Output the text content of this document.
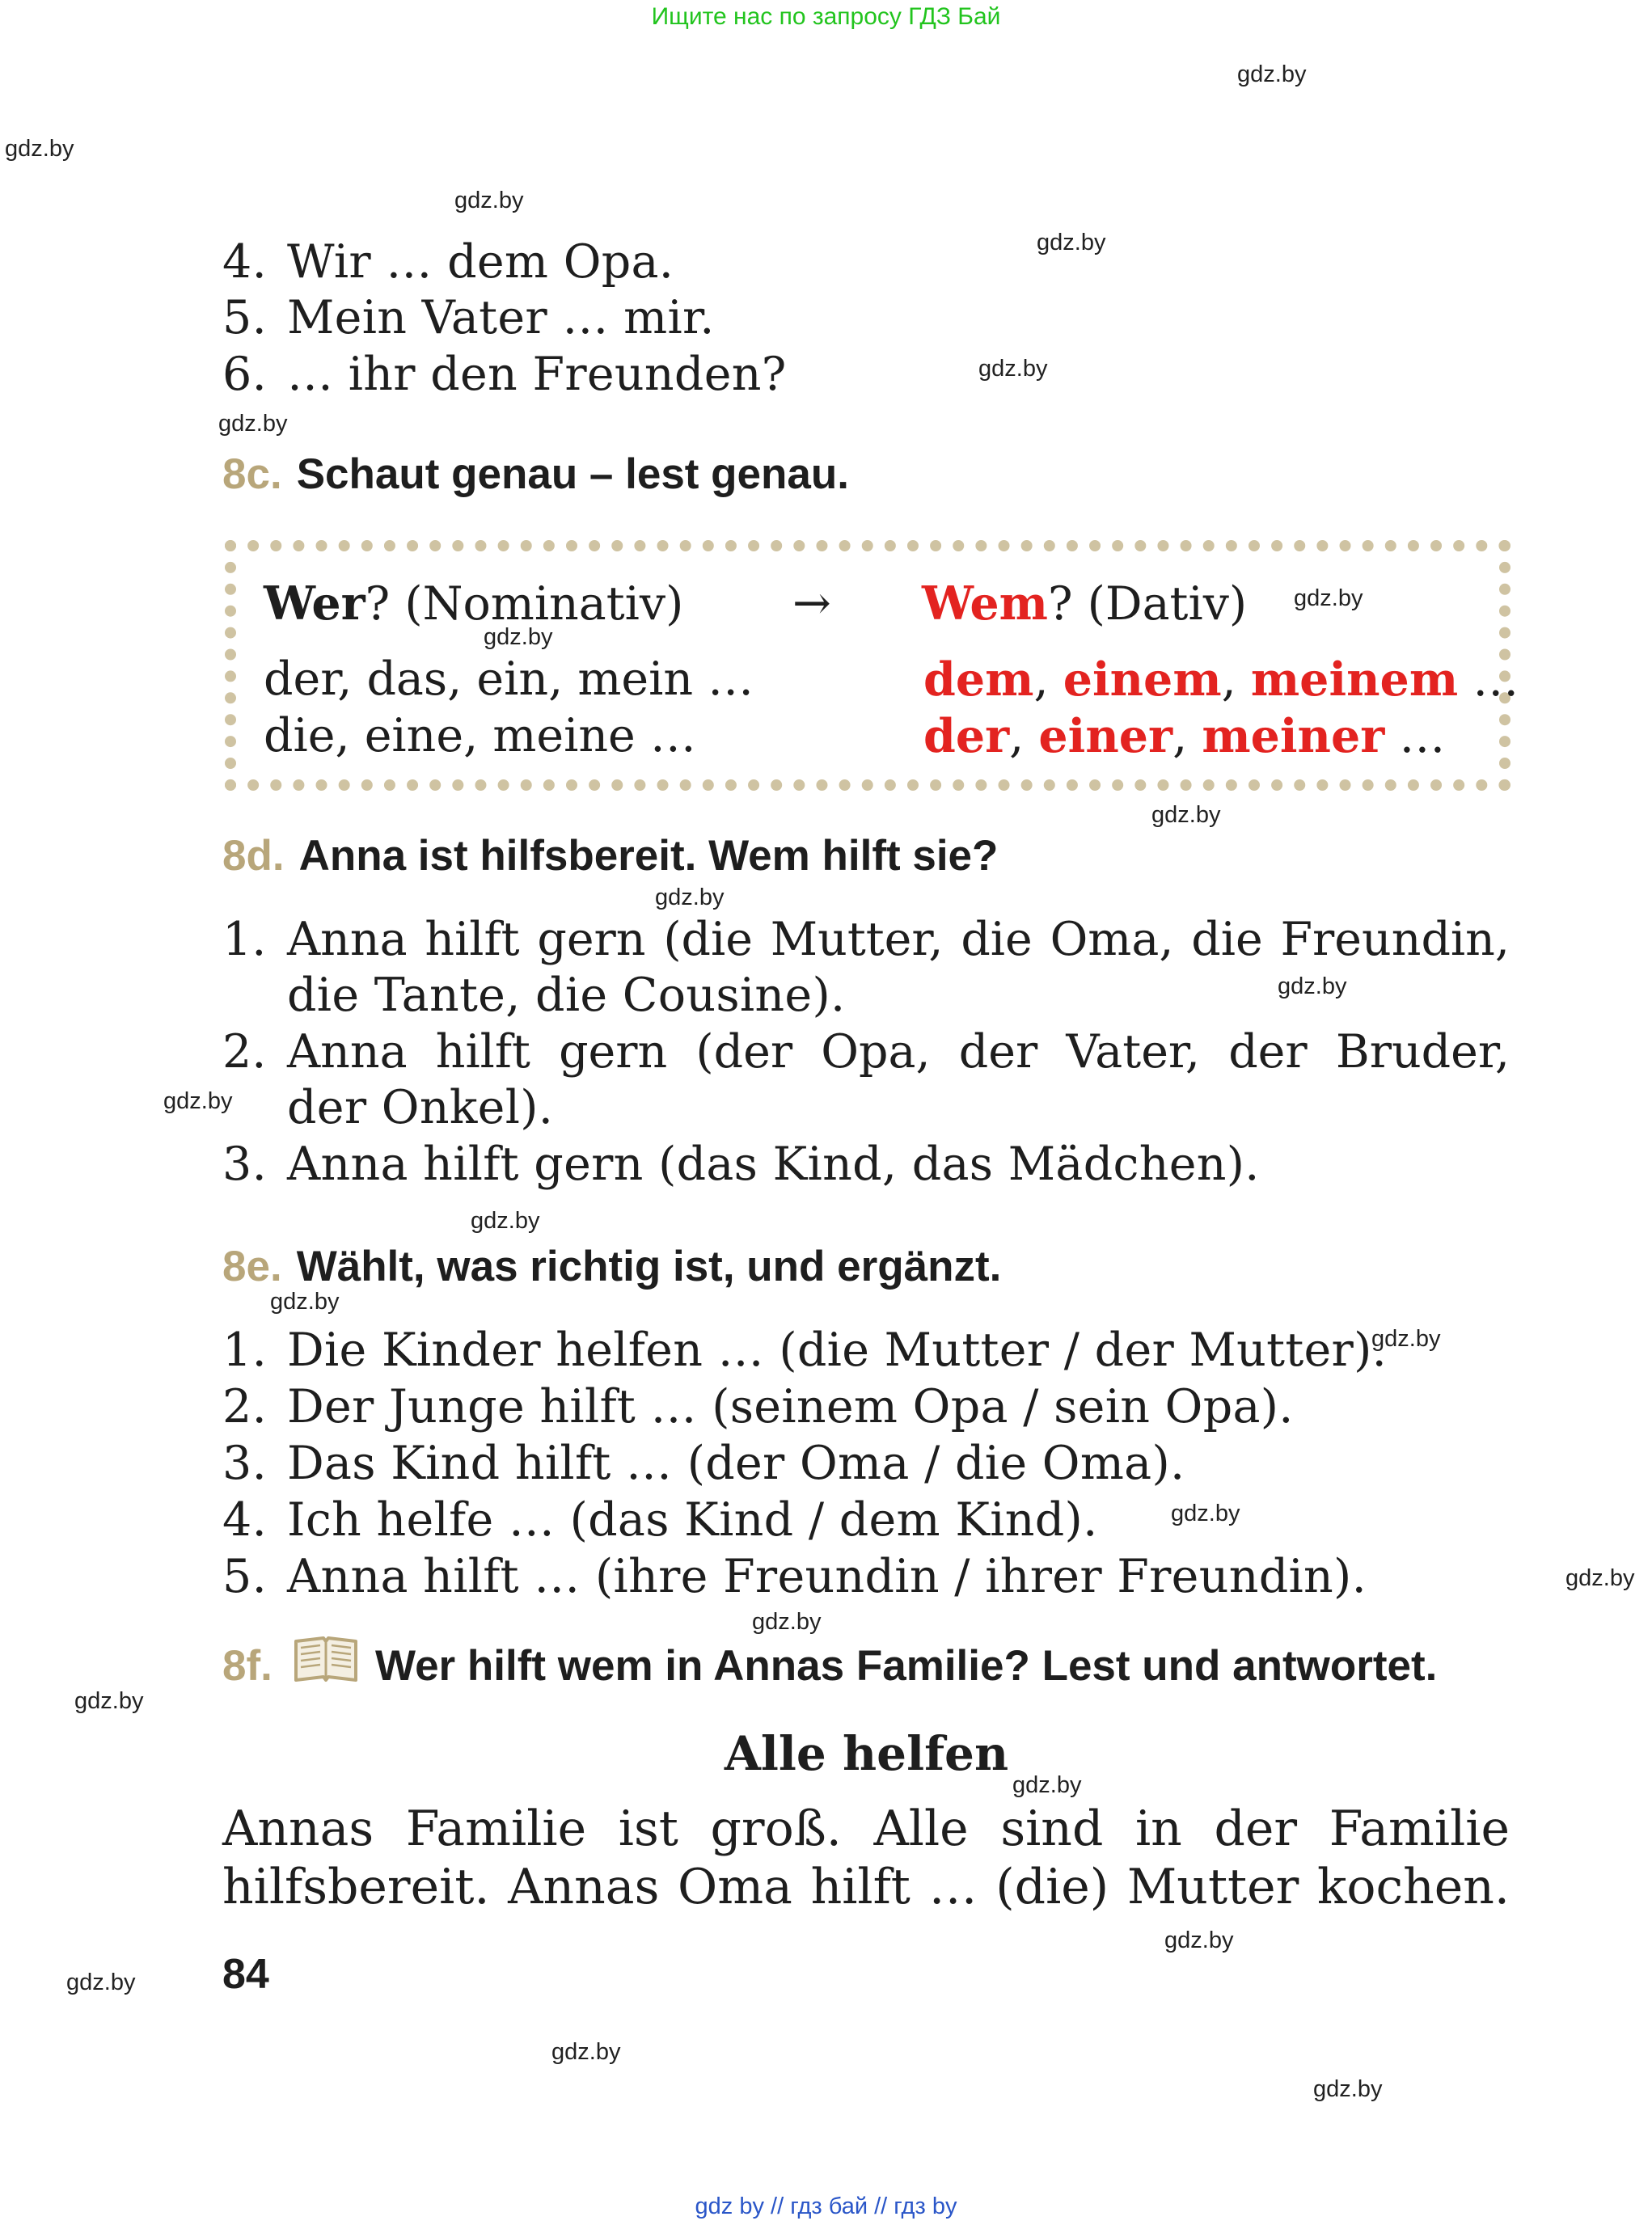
Ищите нас по запросу ГДЗ Бай
gdz.by
gdz.by
gdz.by
gdz.by
gdz.by
gdz.by
gdz.by
gdz.by
gdz.by
gdz.by
gdz.by
gdz.by
gdz.by
gdz.by
gdz.by
gdz.by
gdz.by
gdz.by
gdz.by
gdz.by
gdz.by
gdz.by
gdz.by
gdz.by
4. Wir … dem Opa.
5. Mein Vater … mir.
6. … ihr den Freunden?
8c. Schaut genau – lest genau.
Wer? (Nominativ) → Wem? (Dativ)
der, das, ein, mein …
die, eine, meine …
dem, einem, meinem …
der, einer, meiner …
8d. Anna ist hilfsbereit. Wem hilft sie?
1. Anna hilft gern (die Mutter, die Oma, die Freundin,
die Tante, die Cousine).
2. Anna hilft gern (der Opa, der Vater, der Bruder,
der Onkel).
3. Anna hilft gern (das Kind, das Mädchen).
8e. Wählt, was richtig ist, und ergänzt.
1. Die Kinder helfen … (die Mutter / der Mutter).
2. Der Junge hilft … (seinem Opa / sein Opa).
3. Das Kind hilft … (der Oma / die Oma).
4. Ich helfe … (das Kind / dem Kind).
5. Anna hilft … (ihre Freundin / ihrer Freundin).
8f.	Wer hilft wem in Annas Familie? Lest und antwortet.
Alle helfen
Annas Familie ist groß. Alle sind in der Familie
hilfsbereit. Annas Oma hilft … (die) Mutter kochen.
84
gdz by // гдз бай // гдз by
